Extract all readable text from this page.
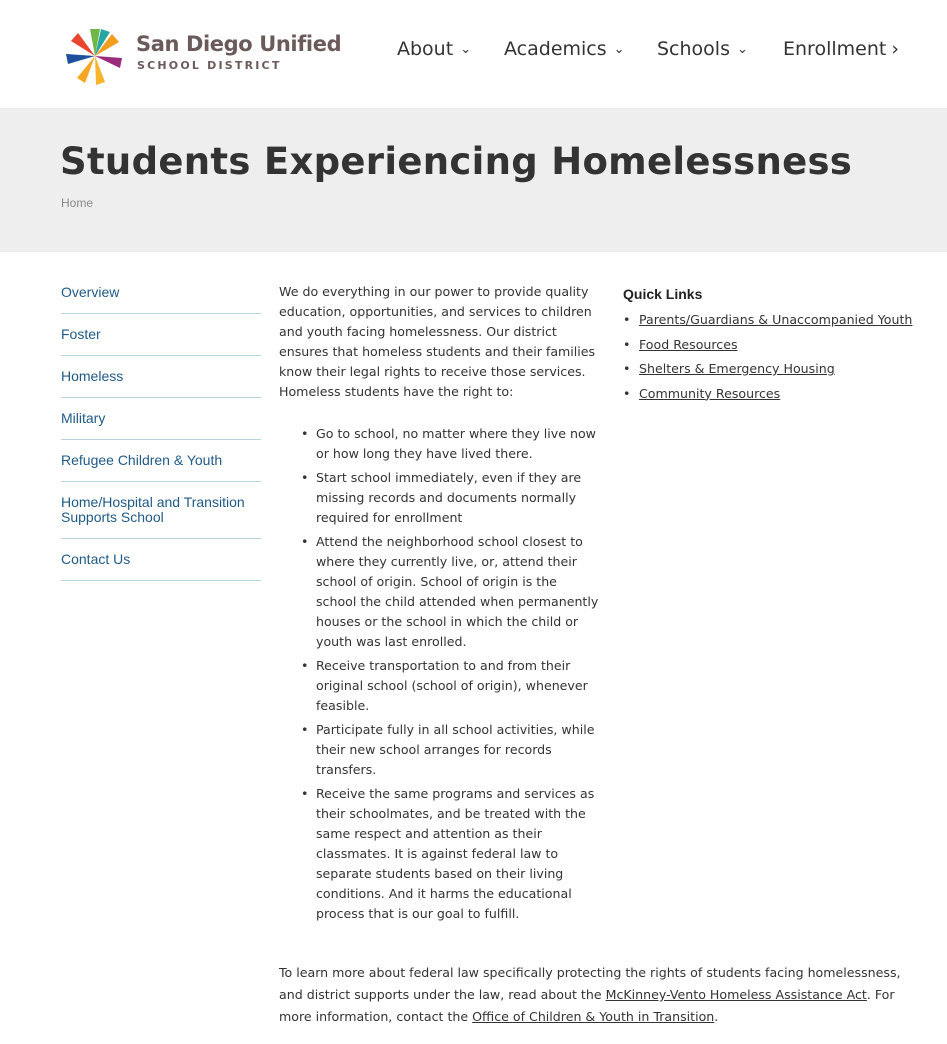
San Diego Unified
SCHOOL DISTRICT
About ⌄ Academics ⌄ Schools ⌄ Enrollment ›
Students Experiencing Homelessness
Home
Overview
Foster
Homeless
Military
Refugee Children & Youth
Home/Hospital and Transition Supports School
Contact Us

We do everything in our power to provide quality education, opportunities, and services to children and youth facing homelessness. Our district ensures that homeless students and their families know their legal rights to receive those services. Homeless students have the right to:

• Go to school, no matter where they live now or how long they have lived there.
• Start school immediately, even if they are missing records and documents normally required for enrollment
• Attend the neighborhood school closest to where they currently live, or, attend their school of origin. School of origin is the school the child attended when permanently houses or the school in which the child or youth was last enrolled.
• Receive transportation to and from their original school (school of origin), whenever feasible.
• Participate fully in all school activities, while their new school arranges for records transfers.
• Receive the same programs and services as their schoolmates, and be treated with the same respect and attention as their classmates. It is against federal law to separate students based on their living conditions. And it harms the educational process that is our goal to fulfill.

To learn more about federal law specifically protecting the rights of students facing homelessness, and district supports under the law, read about the McKinney-Vento Homeless Assistance Act. For more information, contact the Office of Children & Youth in Transition.

Quick Links
• Parents/Guardians & Unaccompanied Youth
• Food Resources
• Shelters & Emergency Housing
• Community Resources
